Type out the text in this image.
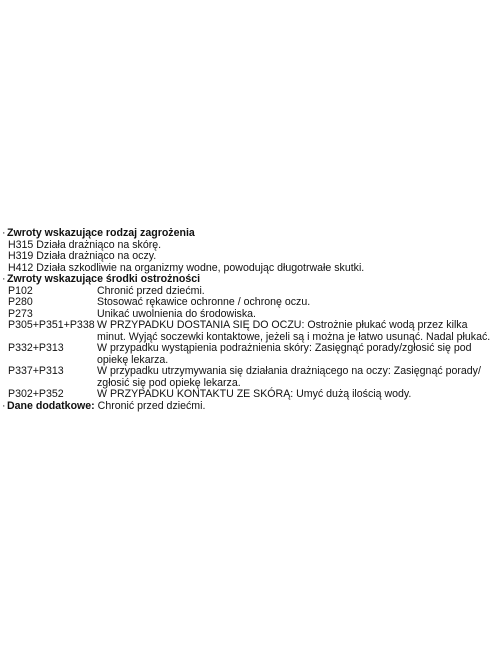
·Zwroty wskazujące rodzaj zagrożenia
H315 Działa drażniąco na skórę.
H319 Działa drażniąco na oczy.
H412 Działa szkodliwie na organizmy wodne, powodując długotrwałe skutki.
·Zwroty wskazujące środki ostrożności
P102	Chronić przed dziećmi.
P280	Stosować rękawice ochronne / ochronę oczu.
P273	Unikać uwolnienia do środowiska.
P305+P351+P338 W PRZYPADKU DOSTANIA SIĘ DO OCZU: Ostrożnie płukać wodą przez kilka minut. Wyjąć soczewki kontaktowe, jeżeli są i można je łatwo usunąć. Nadal płukać.
P332+P313	W przypadku wystąpienia podrażnienia skóry: Zasięgnąć porady/zgłosić się pod opiekę lekarza.
P337+P313	W przypadku utrzymywania się działania drażniącego na oczy: Zasięgnąć porady/ zgłosić się pod opiekę lekarza.
P302+P352	W PRZYPADKU KONTAKTU ZE SKÓRĄ: Umyć dużą ilością wody.
·Dane dodatkowe: Chronić przed dziećmi.
